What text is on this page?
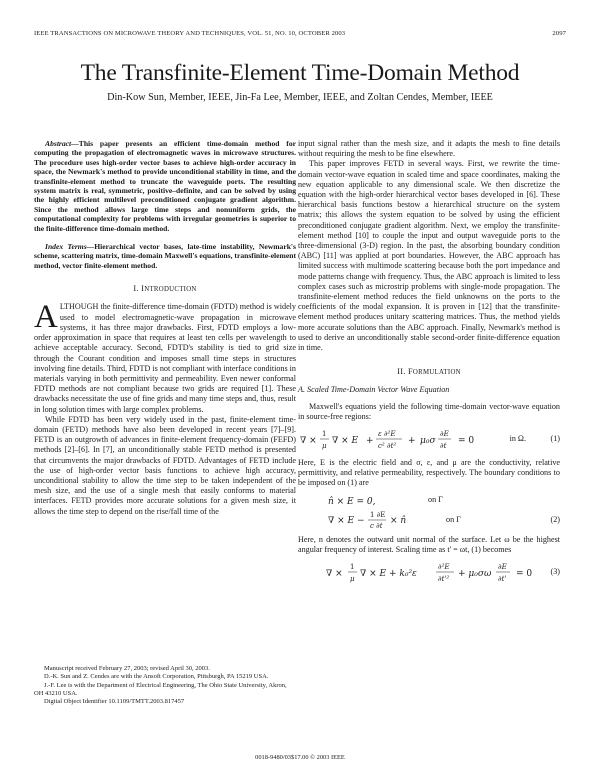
IEEE TRANSACTIONS ON MICROWAVE THEORY AND TECHNIQUES, VOL. 51, NO. 10, OCTOBER 2003	2097
The Transfinite-Element Time-Domain Method
Din-Kow Sun, Member, IEEE, Jin-Fa Lee, Member, IEEE, and Zoltan Cendes, Member, IEEE

Abstract—This paper presents an efficient time-domain method for computing the propagation of electromagnetic waves in microwave structures. The procedure uses high-order vector bases to achieve high-order accuracy in space, the Newmark's method to provide unconditional stability in time, and the transfinite-element method to truncate the waveguide ports. The resulting system matrix is real, symmetric, positive–definite, and can be solved by using the highly efficient multilevel preconditioned conjugate gradient algorithm. Since the method allows large time steps and nonuniform grids, the computational complexity for problems with irregular geometries is superior to the finite-difference time-domain method.

Index Terms—Hierarchical vector bases, late-time instability, Newmark's scheme, scattering matrix, time-domain Maxwell's equations, transfinite-element method, vector finite-element method.

I. INTRODUCTION

ALTHOUGH the finite-difference time-domain (FDTD) method is widely used to model electromagnetic-wave propagation in microwave systems, it has three major drawbacks. First, FDTD employs a low-order approximation in space that requires at least ten cells per wavelength to achieve acceptable accuracy. Second, FDTD's stability is tied to grid size through the Courant condition and imposes small time steps in structures involving fine details. Third, FDTD is not compliant with interface conditions in materials varying in both permittivity and permeability. Even newer conformal FDTD methods are not compliant because two grids are required [1]. These drawbacks necessitate the use of fine grids and many time steps and, thus, result in long solution times with large complex problems.

While FDTD has been very widely used in the past, finite-element time-domain (FETD) methods have also been developed in recent years [7]–[9]. FETD is an outgrowth of advances in finite-element frequency-domain (FEFD) methods [2]–[6]. In [7], an unconditionally stable FETD method is presented that circumvents the major drawbacks of FDTD. Advantages of FETD include the use of high-order vector basis functions to achieve high accuracy, unconditional stability to allow the time step to be taken independent of the mesh size, and the use of a single mesh that easily conforms to material interfaces. FETD provides more accurate solutions for a given mesh size, it allows the time step to depend on the rise/fall time of the

input signal rather than the mesh size, and it adapts the mesh to fine details without requiring the mesh to be fine elsewhere.

This paper improves FETD in several ways. First, we rewrite the time-domain vector-wave equation in scaled time and space coordinates, making the new equation applicable to any dimensional scale. We then discretize the equation with the high-order hierarchical vector bases developed in [6]. These hierarchical basis functions bestow a hierarchical structure on the system matrix; this allows the system equation to be solved by using the efficient preconditioned conjugate gradient algorithm. Next, we employ the transfinite-element method [10] to couple the input and output waveguide ports to the three-dimensional (3-D) region. In the past, the absorbing boundary condition (ABC) [11] was applied at port boundaries. However, the ABC approach has limited success with multimode scattering because both the port impedance and mode patterns change with frequency. Thus, the ABC approach is limited to less complex cases such as microstrip problems with single-mode propagation. The transfinite-element method reduces the field unknowns on the ports to the coefficients of the modal expansion. It is proven in [12] that the transfinite-element method produces unitary scattering matrices. Thus, the method yields more accurate solutions than the ABC approach. Finally, Newmark's method is used to derive an unconditionally stable second-order finite-difference equation in time.

II. FORMULATION
A. Scaled Time-Domain Vector Wave Equation

Maxwell's equations yield the following time-domain vector-wave equation in source-free regions:

∇ ×
1
μ ∇ × E +
ε ∂²E
c² ∂t² + μ₀σ
∂E
∂t = 0	in Ω.	(1)

Here, E is the electric field and σ, ε, and μ are the conductivity, relative permittivity, and relative permeability, respectively. The boundary conditions to be imposed on (1) are

n̂ × E = 0,
∇ × E −
1 ∂E
c ∂t × n̂
on Γ
on Γ	(2)

Here, n denotes the outward unit normal of the surface. Let ω be the highest angular frequency of interest. Scaling time as t' = ωt, (1) becomes

∇ ×
1
μ ∇ × E + k₀²ε
∂²E
∂t'² + μ₀σω
∂E
∂t' = 0 (3)

Manuscript received February 27, 2003; revised April 30, 2003.

D.-K. Sun and Z. Cendes are with the Ansoft Corporation, Pittsburgh, PA 15219 USA.

J.-F. Lee is with the Department of Electrical Engineering, The Ohio State University, Akron, OH 43210 USA.

Digital Object Identifier 10.1109/TMTT.2003.817457

0018-9480/03$17.00 © 2003 IEEE
